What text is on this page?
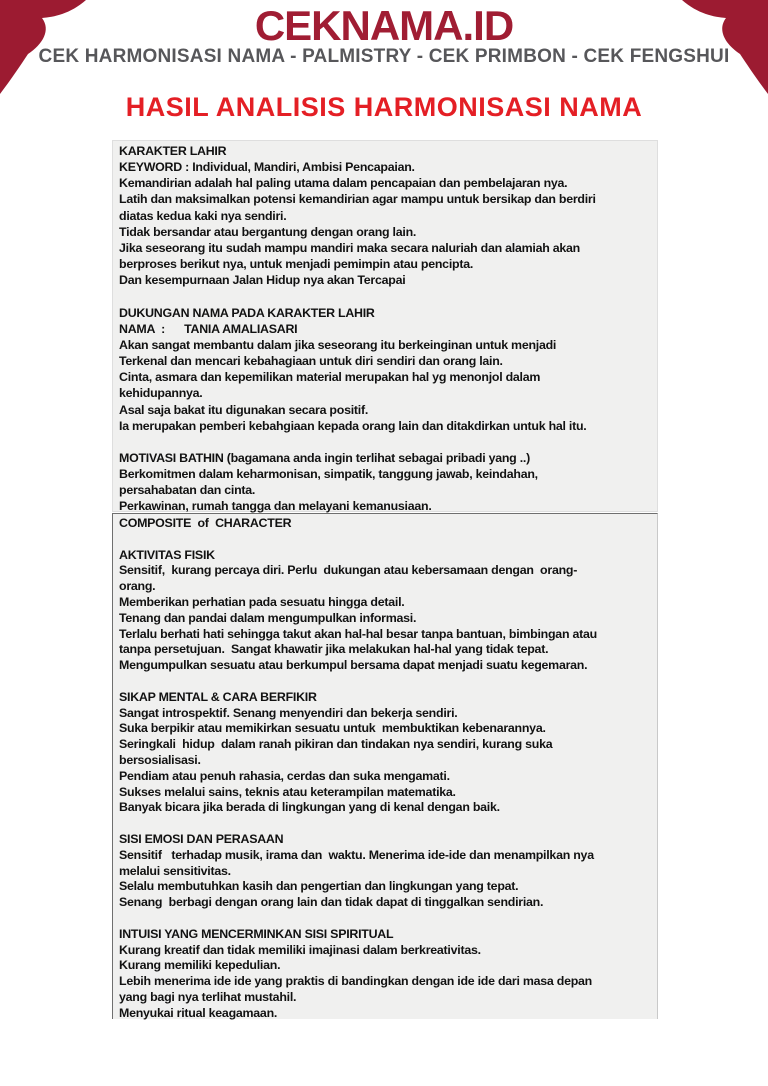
CEKNAMA.ID
CEK HARMONISASI NAMA - PALMISTRY - CEK PRIMBON - CEK FENGSHUI
HASIL ANALISIS HARMONISASI NAMA
KARAKTER LAHIR
KEYWORD : Individual, Mandiri, Ambisi Pencapaian.
Kemandirian adalah hal paling utama dalam pencapaian dan pembelajaran nya.
Latih dan maksimalkan potensi kemandirian agar mampu untuk bersikap dan berdiri
diatas kedua kaki nya sendiri.
Tidak bersandar atau bergantung dengan orang lain.
Jika seseorang itu sudah mampu mandiri maka secara naluriah dan alamiah akan
berproses berikut nya, untuk menjadi pemimpin atau pencipta.
Dan kesempurnaan Jalan Hidup nya akan Tercapai

DUKUNGAN NAMA PADA KARAKTER LAHIR
NAMA  :      TANIA AMALIASARI
Akan sangat membantu dalam jika seseorang itu berkeinginan untuk menjadi
Terkenal dan mencari kebahagiaan untuk diri sendiri dan orang lain.
Cinta, asmara dan kepemilikan material merupakan hal yg menonjol dalam
kehidupannya.
Asal saja bakat itu digunakan secara positif.
Ia merupakan pemberi kebahgiaan kepada orang lain dan ditakdirkan untuk hal itu.

MOTIVASI BATHIN (bagamana anda ingin terlihat sebagai pribadi yang ..)
Berkomitmen dalam keharmonisan, simpatik, tanggung jawab, keindahan,
persahabatan dan cinta.
Perkawinan, rumah tangga dan melayani kemanusiaan.
COMPOSITE  of  CHARACTER

AKTIVITAS FISIK
Sensitif,  kurang percaya diri. Perlu  dukungan atau kebersamaan dengan  orang-
orang.
Memberikan perhatian pada sesuatu hingga detail.
Tenang dan pandai dalam mengumpulkan informasi.
Terlalu berhati hati sehingga takut akan hal-hal besar tanpa bantuan, bimbingan atau
tanpa persetujuan.  Sangat khawatir jika melakukan hal-hal yang tidak tepat.
Mengumpulkan sesuatu atau berkumpul bersama dapat menjadi suatu kegemaran.

SIKAP MENTAL & CARA BERFIKIR
Sangat introspektif. Senang menyendiri dan bekerja sendiri.
Suka berpikir atau memikirkan sesuatu untuk  membuktikan kebenarannya.
Seringkali  hidup  dalam ranah pikiran dan tindakan nya sendiri, kurang suka
bersosialisasi.
Pendiam atau penuh rahasia, cerdas dan suka mengamati.
Sukses melalui sains, teknis atau keterampilan matematika.
Banyak bicara jika berada di lingkungan yang di kenal dengan baik.

SISI EMOSI DAN PERASAAN
Sensitif   terhadap musik, irama dan  waktu. Menerima ide-ide dan menampilkan nya
melalui sensitivitas.
Selalu membutuhkan kasih dan pengertian dan lingkungan yang tepat.
Senang  berbagi dengan orang lain dan tidak dapat di tinggalkan sendirian.

INTUISI YANG MENCERMINKAN SISI SPIRITUAL
Kurang kreatif dan tidak memiliki imajinasi dalam berkreativitas.
Kurang memiliki kepedulian.
Lebih menerima ide ide yang praktis di bandingkan dengan ide ide dari masa depan
yang bagi nya terlihat mustahil.
Menyukai ritual keagamaan.
